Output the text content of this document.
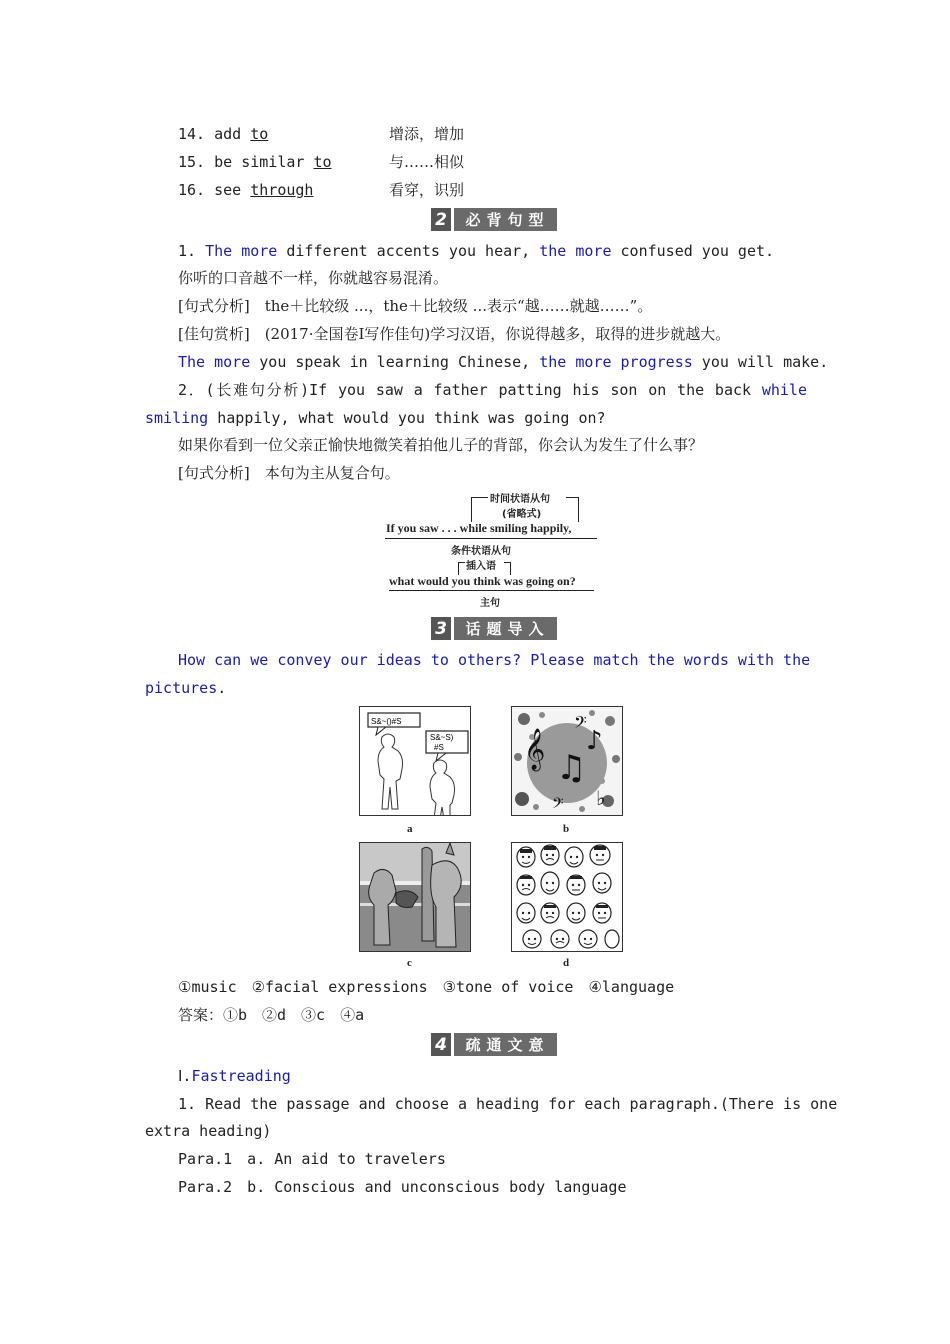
14. add to	增添，增加
15. be similar to	与……相似
16. see through	看穿，识别
2	必背句型
1. The more different accents you hear, the more confused you get.
你听的口音越不一样，你就越容易混淆。
[句式分析]　the＋比较级 ...，the＋比较级 ...表示“越……就越……”。
[佳句赏析]　(2017·全国卷Ⅰ写作佳句)学习汉语，你说得越多，取得的进步就越大。
The more you speak in learning Chinese, the more progress you will make.
2．(长难句分析)If you saw a father patting his son on the back while
smiling happily, what would you think was going on?
如果你看到一位父亲正愉快地微笑着拍他儿子的背部，你会认为发生了什么事？
[句式分析]　本句为主从复合句。
时间状语从句
(省略式)
If you saw . . . while smiling happily,
条件状语从句
插入语
what would you think was going on?
主句
3	话题导入
How can we convey our ideas to others? Please match the words with the
pictures.
S&~()#S
S&~S)
#S
a
𝄞 ♫
♪
𝄢
𝄢 ♭
b
c	d
①music　②facial expressions　③tone of voice　④language
答案：①b　②d　③c　④a
4	疏通文意
Ⅰ.Fastreading
1. Read the passage and choose a heading for each paragraph.(There is one
extra heading)
Para.1　a. An aid to travelers
Para.2　b. Conscious and unconscious body language
